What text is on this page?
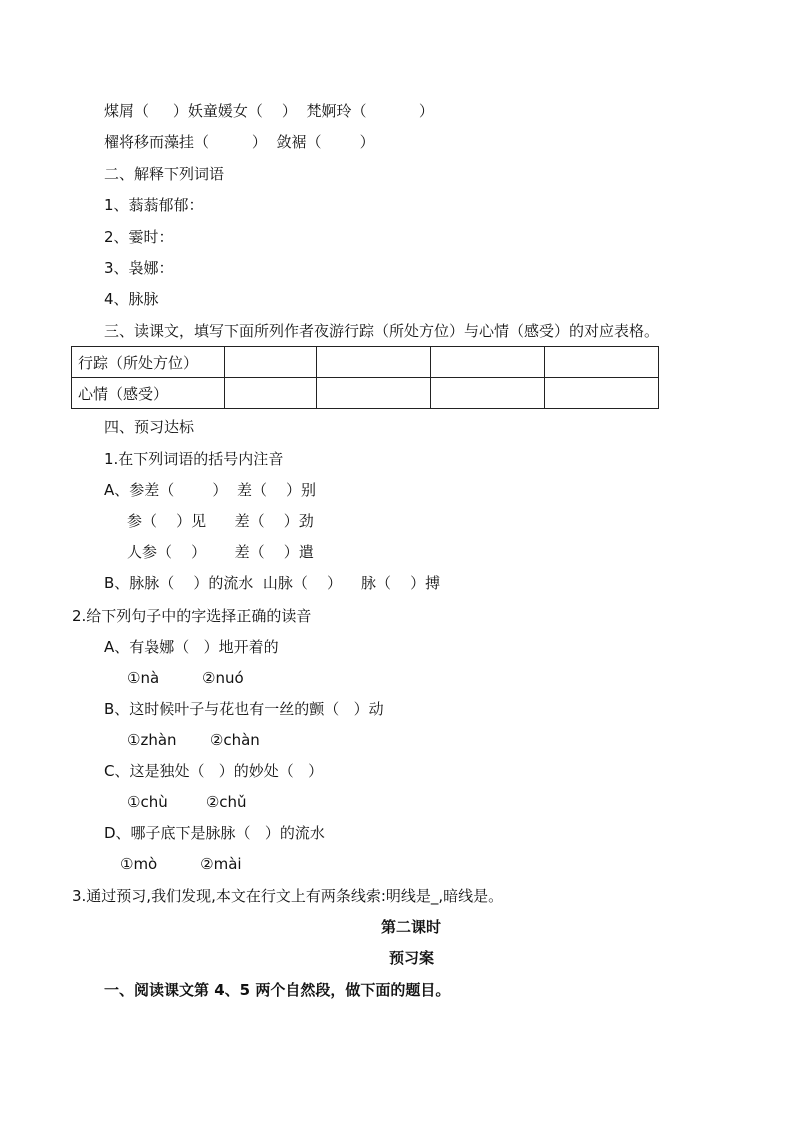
煤屑（     ）妖童媛女（    ）  梵婀玲（           ）
櫂将移而藻挂（         ）  敛裾（        ）
二、解释下列词语
1、蓊蓊郁郁：
2、霎时：
3、袅娜：
4、脉脉
三、读课文，填写下面所列作者夜游行踪（所处方位）与心情（感受）的对应表格。
行踪（所处方位）				
心情（感受）				
四、预习达标
1.在下列词语的括号内注音
A、参差（        ）  差（    ）别
参（    ）见      差（    ）劲
人参（    ）      差（    ）遣
B、脉脉（    ）的流水  山脉（    ）    脉（    ）搏
2.给下列句子中的字选择正确的读音
A、有袅娜（   ）地开着的
①nà         ②nuó
B、这时候叶子与花也有一丝的颤（   ）动
①zhàn       ②chàn
C、这是独处（   ）的妙处（   ）
①chù        ②chǔ
D、哪子底下是脉脉（   ）的流水
①mò         ②mài
3.通过预习,我们发现,本文在行文上有两条线索:明线是_,暗线是。
第二课时
预习案
一、阅读课文第 4、5 两个自然段，做下面的题目。
